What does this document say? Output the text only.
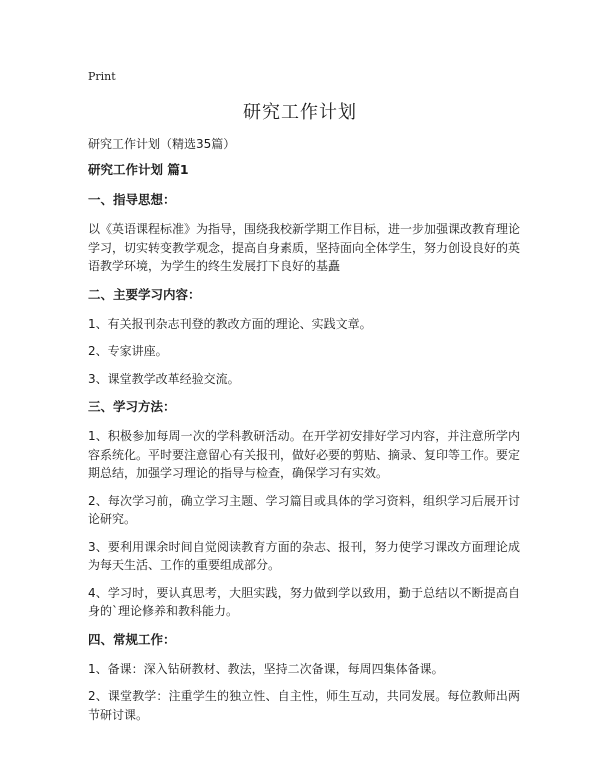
Print
研究工作计划
研究工作计划（精选35篇）
研究工作计划 篇1
一、指导思想：

以《英语课程标准》为指导，围绕我校新学期工作目标，进一步加强课改教育理论学习，切实转变教学观念，提高自身素质，坚持面向全体学生，努力创设良好的英语教学环境，为学生的终生发展打下良好的基矗

二、主要学习内容：

1、有关报刊杂志刊登的教改方面的理论、实践文章。

2、专家讲座。

3、课堂教学改革经验交流。

三、学习方法：

1、积极参加每周一次的学科教研活动。在开学初安排好学习内容，并注意所学内容系统化。平时要注意留心有关报刊，做好必要的剪贴、摘录、复印等工作。要定期总结，加强学习理论的指导与检查，确保学习有实效。

2、每次学习前，确立学习主题、学习篇目或具体的学习资料，组织学习后展开讨论研究。

3、要利用课余时间自觉阅读教育方面的杂志、报刊，努力使学习课改方面理论成为每天生活、工作的重要组成部分。

4、学习时，要认真思考，大胆实践，努力做到学以致用，勤于总结以不断提高自身的`理论修养和教科能力。

四、常规工作：

1、备课：深入钻研教材、教法，坚持二次备课，每周四集体备课。

2、课堂教学：注重学生的独立性、自主性，师生互动，共同发展。每位教师出两节研讨课。
